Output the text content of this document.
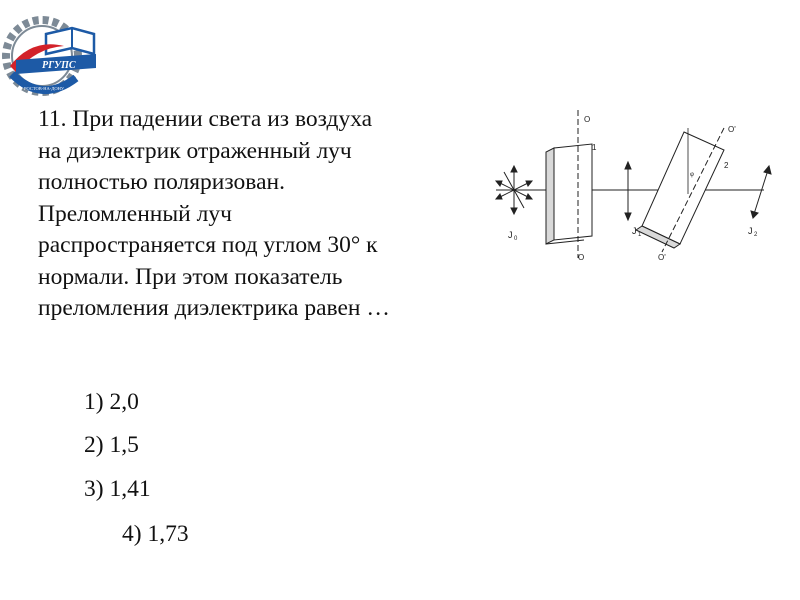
РГУПС
РОСТОВ-НА-ДОНУ

11. При падении света из воздуха
на диэлектрик отраженный луч
полностью поляризован.
Преломленный луч
распространяется под углом 30° к
нормали. При этом показатель
преломления диэлектрика равен …

1) 2,0
2) 1,5
3) 1,41
4) 1,73
J 0
O
O
1
J 1
O'
O'
2
φ
J 2
